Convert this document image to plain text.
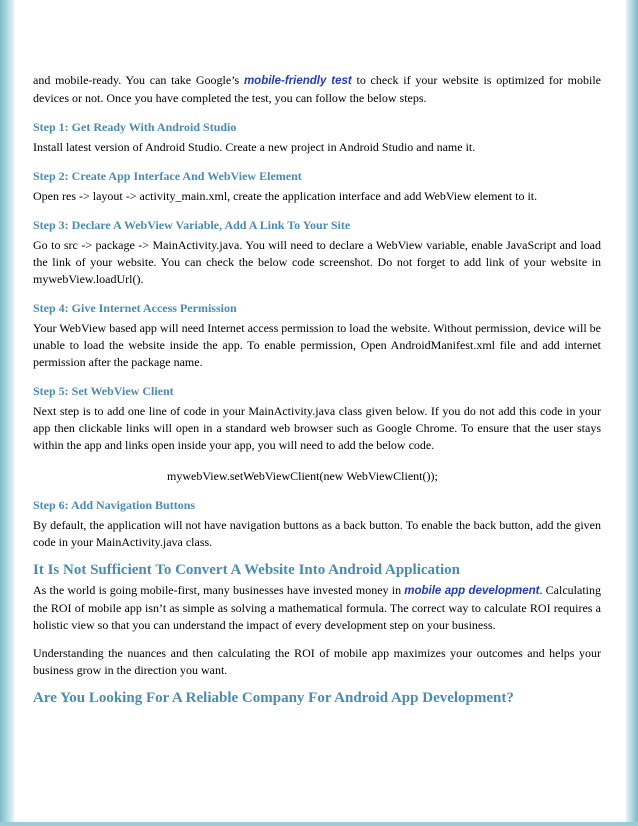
and mobile-ready. You can take Google’s mobile-friendly test to check if your website is optimized for mobile devices or not. Once you have completed the test, you can follow the below steps.

Step 1: Get Ready With Android Studio

Install latest version of Android Studio. Create a new project in Android Studio and name it.

Step 2: Create App Interface And WebView Element

Open res -> layout -> activity_main.xml, create the application interface and add WebView element to it.

Step 3: Declare A WebView Variable, Add A Link To Your Site

Go to src -> package -> MainActivity.java. You will need to declare a WebView variable, enable JavaScript and load the link of your website. You can check the below code screenshot. Do not forget to add link of your website in mywebView.loadUrl().

Step 4: Give Internet Access Permission

Your WebView based app will need Internet access permission to load the website. Without permission, device will be unable to load the website inside the app. To enable permission, Open AndroidManifest.xml file and add internet permission after the package name.

Step 5: Set WebView Client

Next step is to add one line of code in your MainActivity.java class given below. If you do not add this code in your app then clickable links will open in a standard web browser such as Google Chrome. To ensure that the user stays within the app and links open inside your app, you will need to add the below code.

mywebView.setWebViewClient(new WebViewClient());

Step 6: Add Navigation Buttons

By default, the application will not have navigation buttons as a back button. To enable the back button, add the given code in your MainActivity.java class.

It Is Not Sufficient To Convert A Website Into Android Application

As the world is going mobile-first, many businesses have invested money in mobile app development. Calculating the ROI of mobile app isn’t as simple as solving a mathematical formula. The correct way to calculate ROI requires a holistic view so that you can understand the impact of every development step on your business.

Understanding the nuances and then calculating the ROI of mobile app maximizes your outcomes and helps your business grow in the direction you want.

Are You Looking For A Reliable Company For Android App Development?
